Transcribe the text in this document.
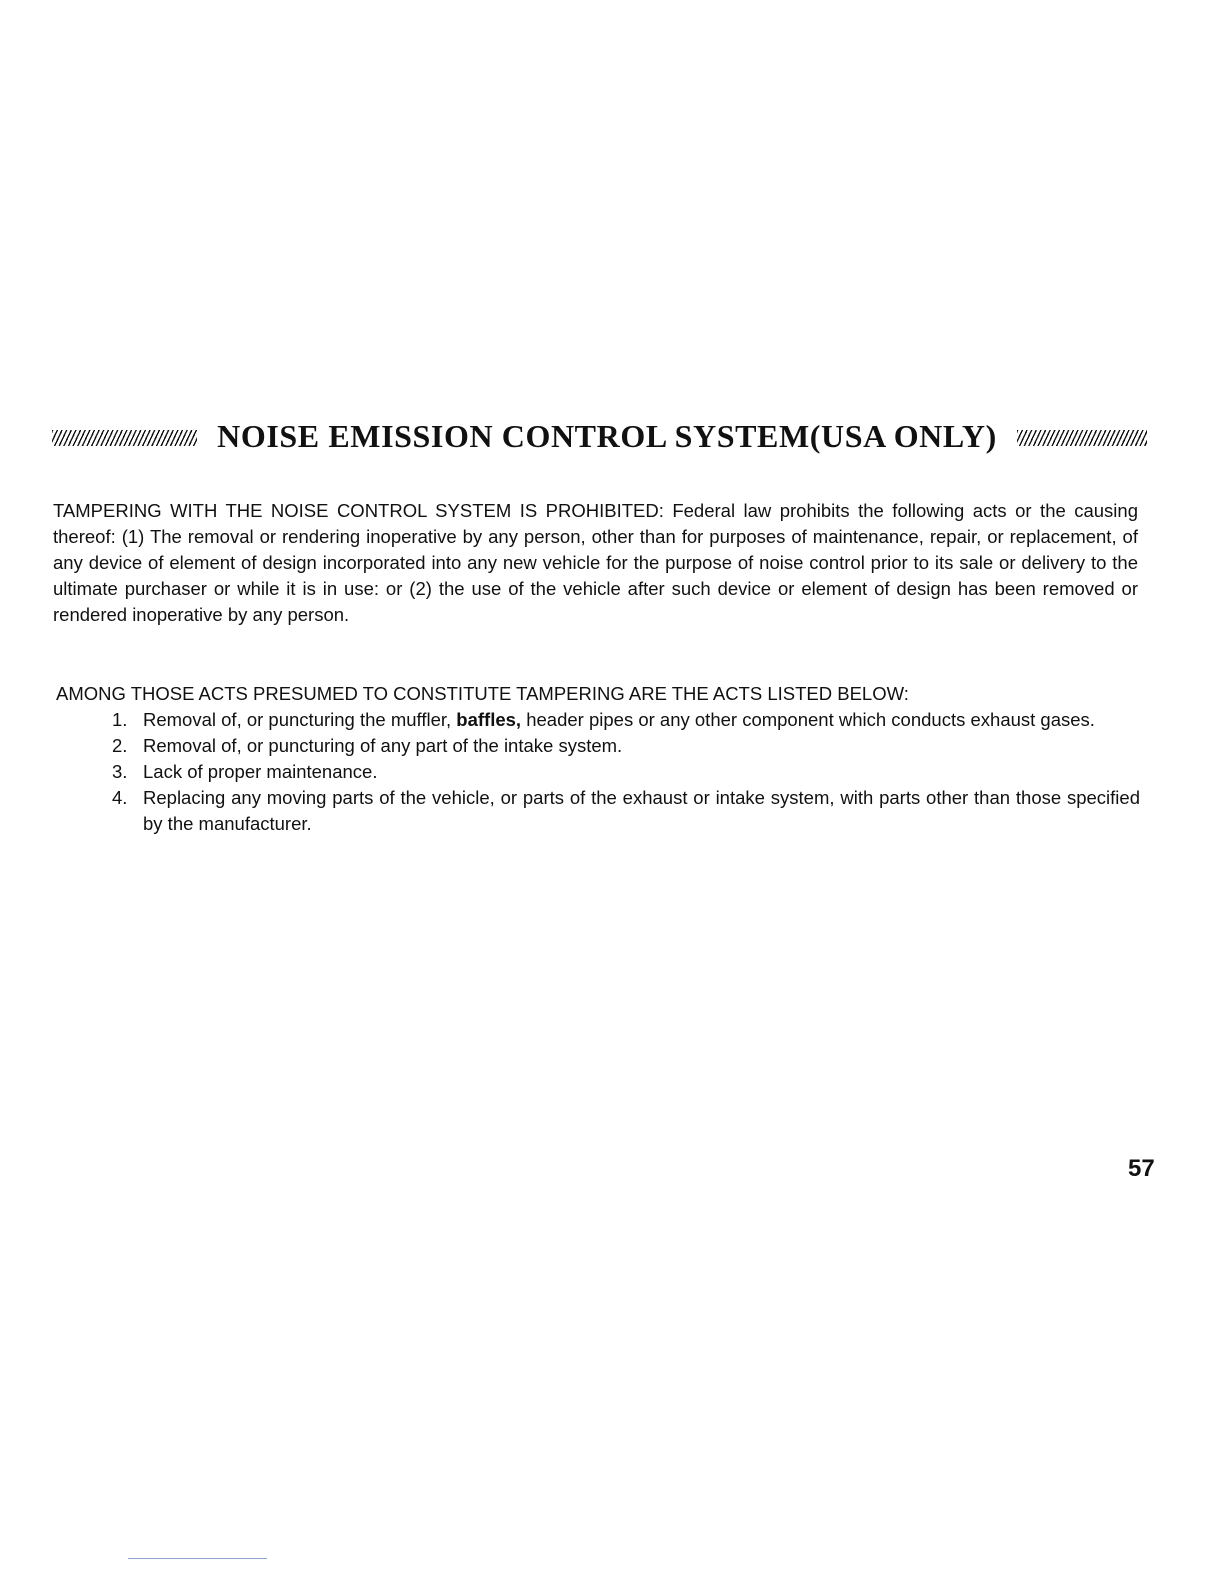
NOISE EMISSION CONTROL SYSTEM(USA ONLY)

TAMPERING WITH THE NOISE CONTROL SYSTEM IS PROHIBITED: Federal law prohibits the following acts or the causing thereof: (1) The removal or rendering inoperative by any person, other than for purposes of maintenance, repair, or replacement, of any device of element of design incorporated into any new vehicle for the purpose of noise control prior to its sale or delivery to the ultimate purchaser or while it is in use: or (2) the use of the vehicle after such device or element of design has been removed or rendered inoperative by any person.

AMONG THOSE ACTS PRESUMED TO CONSTITUTE TAMPERING ARE THE ACTS LISTED BELOW:
1. Removal of, or puncturing the muffler, baffles, header pipes or any other component which conducts exhaust gases.
2. Removal of, or puncturing of any part of the intake system.
3. Lack of proper maintenance.
4. Replacing any moving parts of the vehicle, or parts of the exhaust or intake system, with parts other than those specified by the manufacturer.
57
